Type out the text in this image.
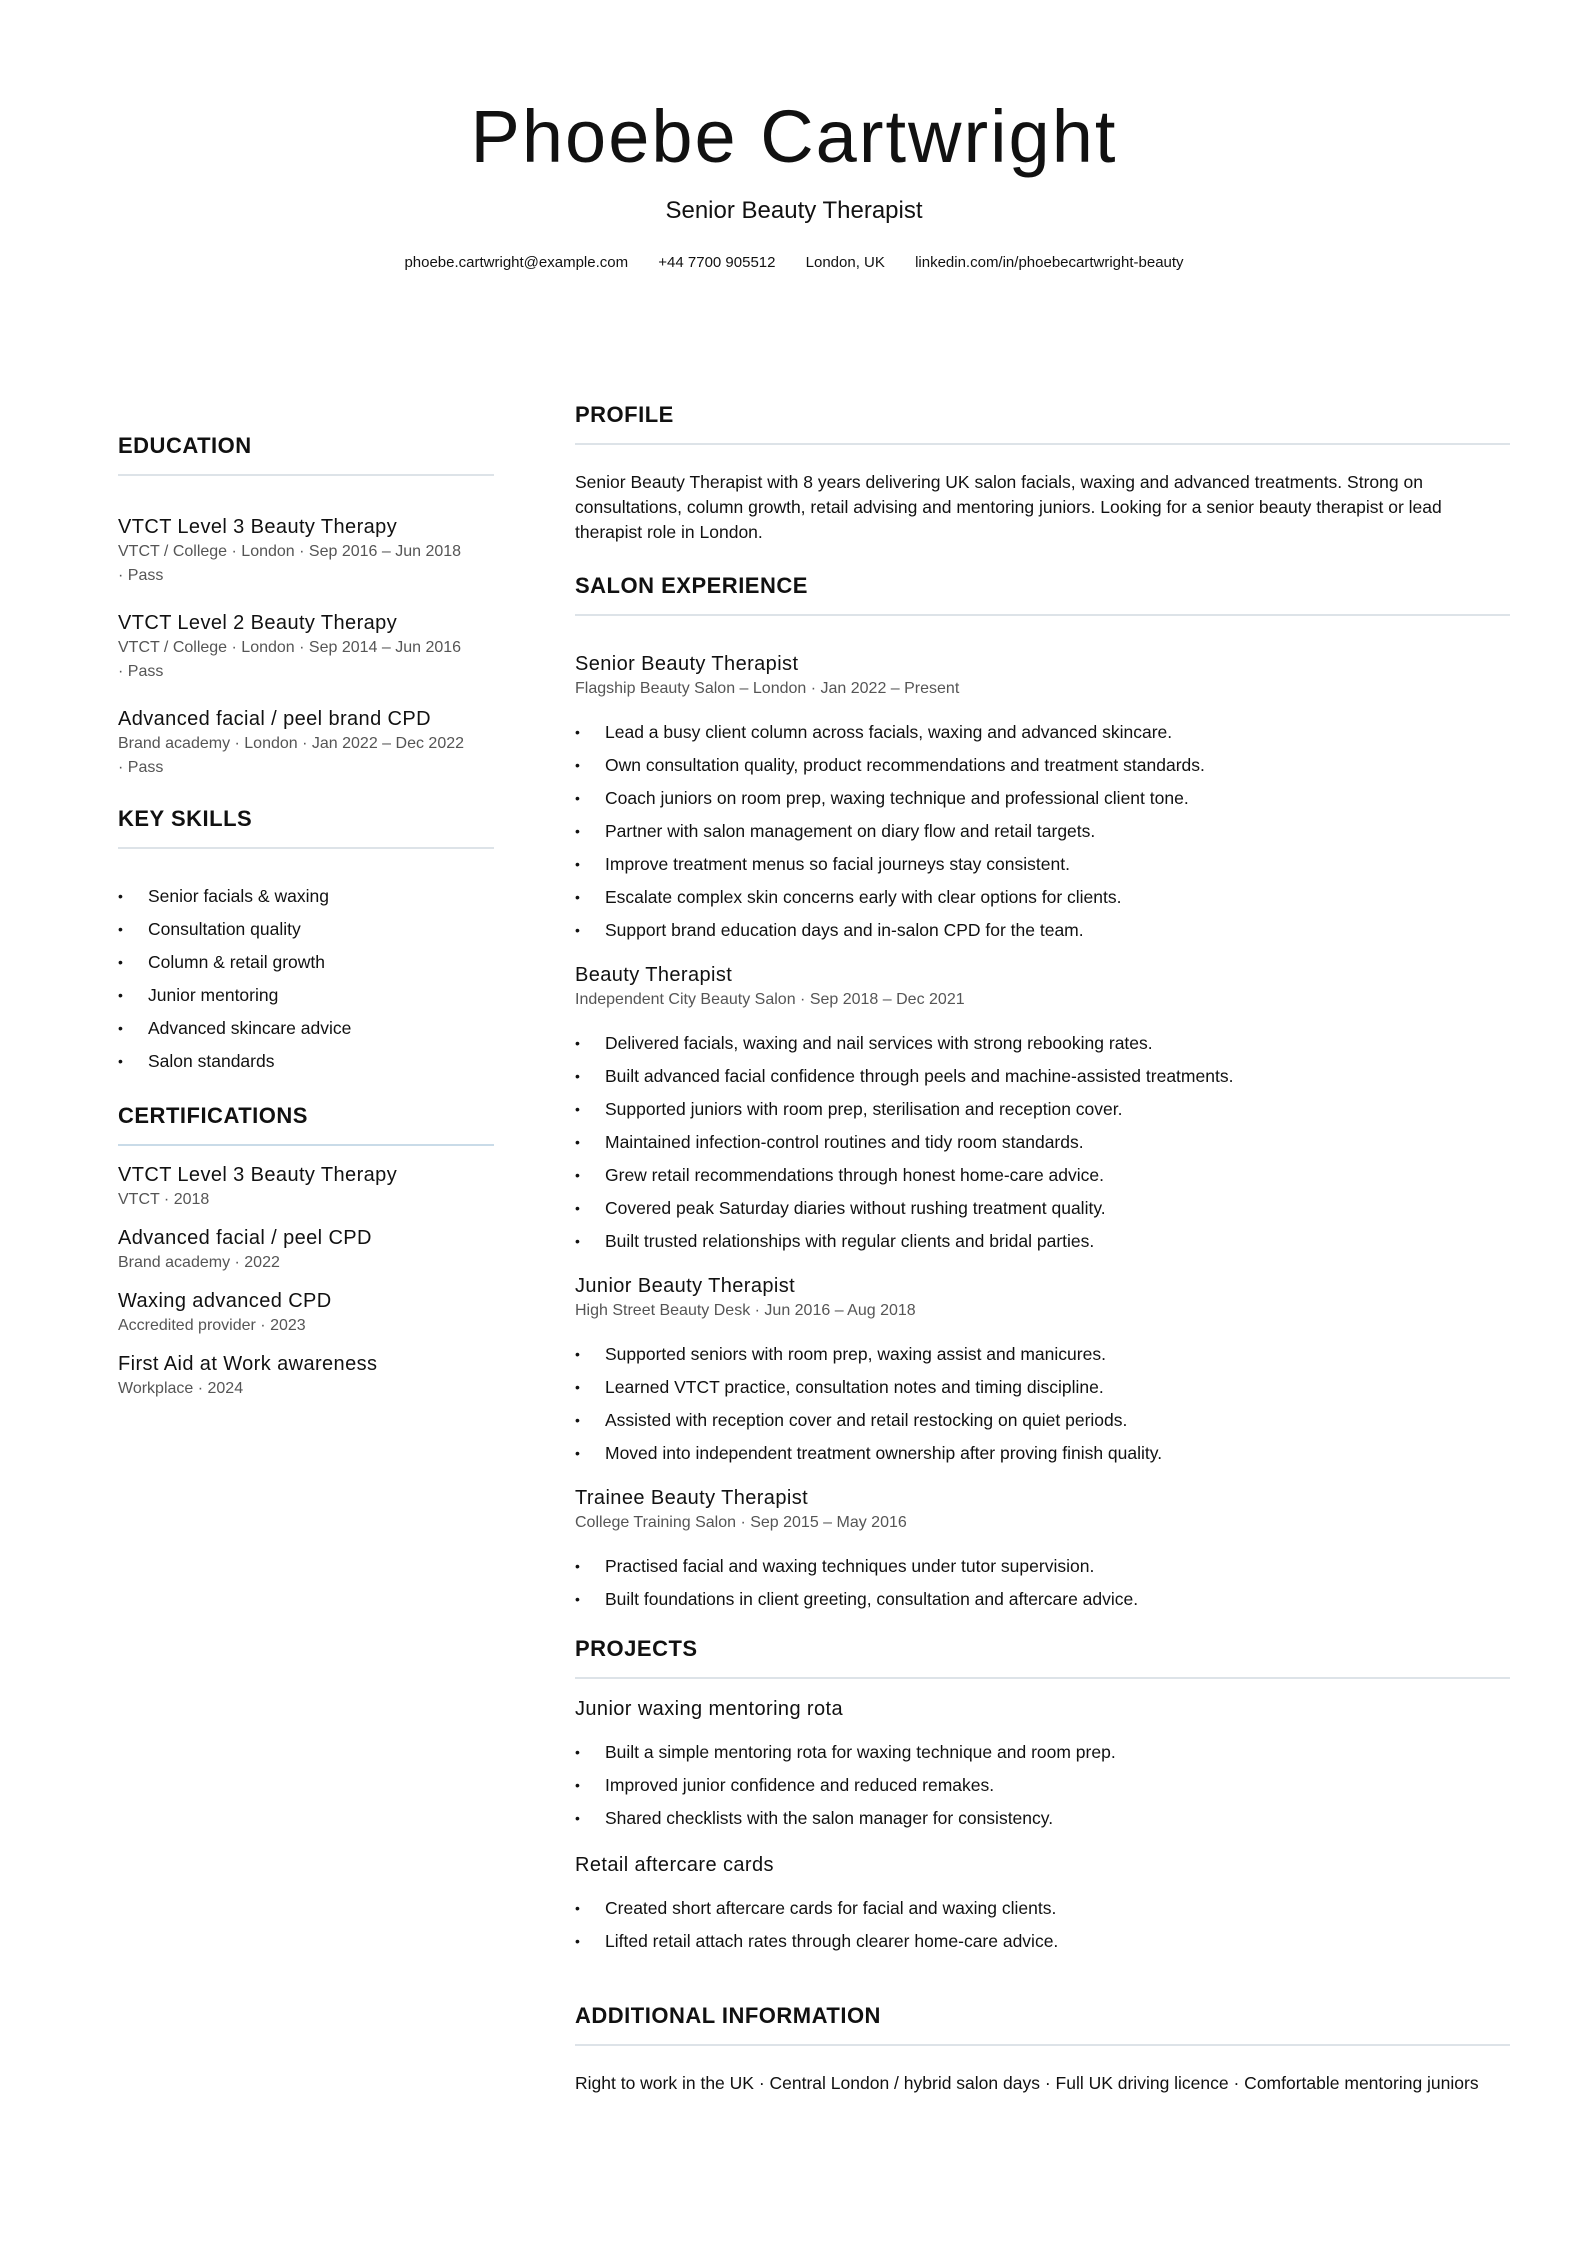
Phoebe Cartwright
Senior Beauty Therapist
phoebe.cartwright@example.com +44 7700 905512 London, UK linkedin.com/in/phoebecartwright-beauty
EDUCATION
VTCT Level 3 Beauty Therapy
VTCT / College · London · Sep 2016 – Jun 2018
· Pass
VTCT Level 2 Beauty Therapy
VTCT / College · London · Sep 2014 – Jun 2016
· Pass
Advanced facial / peel brand CPD
Brand academy · London · Jan 2022 – Dec 2022
· Pass
KEY SKILLS
• Senior facials & waxing
• Consultation quality
• Column & retail growth
• Junior mentoring
• Advanced skincare advice
• Salon standards
CERTIFICATIONS
VTCT Level 3 Beauty Therapy
VTCT · 2018
Advanced facial / peel CPD
Brand academy · 2022
Waxing advanced CPD
Accredited provider · 2023
First Aid at Work awareness
Workplace · 2024
PROFILE
Senior Beauty Therapist with 8 years delivering UK salon facials, waxing and advanced treatments. Strong on consultations, column growth, retail advising and mentoring juniors. Looking for a senior beauty therapist or lead therapist role in London.
SALON EXPERIENCE
Senior Beauty Therapist
Flagship Beauty Salon – London · Jan 2022 – Present
• Lead a busy client column across facials, waxing and advanced skincare.
• Own consultation quality, product recommendations and treatment standards.
• Coach juniors on room prep, waxing technique and professional client tone.
• Partner with salon management on diary flow and retail targets.
• Improve treatment menus so facial journeys stay consistent.
• Escalate complex skin concerns early with clear options for clients.
• Support brand education days and in-salon CPD for the team.
Beauty Therapist
Independent City Beauty Salon · Sep 2018 – Dec 2021
• Delivered facials, waxing and nail services with strong rebooking rates.
• Built advanced facial confidence through peels and machine-assisted treatments.
• Supported juniors with room prep, sterilisation and reception cover.
• Maintained infection-control routines and tidy room standards.
• Grew retail recommendations through honest home-care advice.
• Covered peak Saturday diaries without rushing treatment quality.
• Built trusted relationships with regular clients and bridal parties.
Junior Beauty Therapist
High Street Beauty Desk · Jun 2016 – Aug 2018
• Supported seniors with room prep, waxing assist and manicures.
• Learned VTCT practice, consultation notes and timing discipline.
• Assisted with reception cover and retail restocking on quiet periods.
• Moved into independent treatment ownership after proving finish quality.
Trainee Beauty Therapist
College Training Salon · Sep 2015 – May 2016
• Practised facial and waxing techniques under tutor supervision.
• Built foundations in client greeting, consultation and aftercare advice.
PROJECTS
Junior waxing mentoring rota
• Built a simple mentoring rota for waxing technique and room prep.
• Improved junior confidence and reduced remakes.
• Shared checklists with the salon manager for consistency.
Retail aftercare cards
• Created short aftercare cards for facial and waxing clients.
• Lifted retail attach rates through clearer home-care advice.
ADDITIONAL INFORMATION
Right to work in the UK · Central London / hybrid salon days · Full UK driving licence · Comfortable mentoring juniors
